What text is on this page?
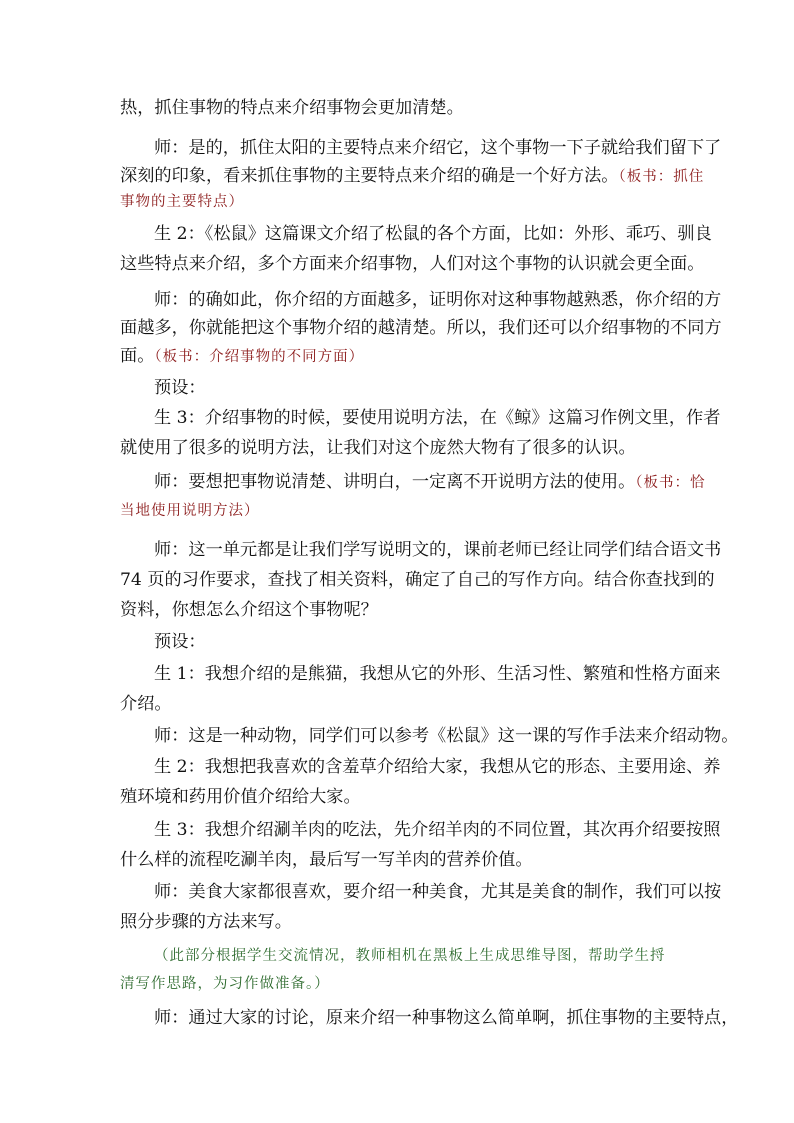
热，抓住事物的特点来介绍事物会更加清楚。
师：是的，抓住太阳的主要特点来介绍它，这个事物一下子就给我们留下了
深刻的印象，看来抓住事物的主要特点来介绍的确是一个好方法。（板书：抓住
事物的主要特点）
生 2：《松鼠》这篇课文介绍了松鼠的各个方面，比如：外形、乖巧、驯良
这些特点来介绍，多个方面来介绍事物，人们对这个事物的认识就会更全面。
师：的确如此，你介绍的方面越多，证明你对这种事物越熟悉，你介绍的方
面越多，你就能把这个事物介绍的越清楚。所以，我们还可以介绍事物的不同方
面。（板书：介绍事物的不同方面）
预设：
生 3：介绍事物的时候，要使用说明方法，在《鲸》这篇习作例文里，作者
就使用了很多的说明方法，让我们对这个庞然大物有了很多的认识。
师：要想把事物说清楚、讲明白，一定离不开说明方法的使用。（板书：恰
当地使用说明方法）
师：这一单元都是让我们学写说明文的，课前老师已经让同学们结合语文书
74 页的习作要求，查找了相关资料，确定了自己的写作方向。结合你查找到的
资料，你想怎么介绍这个事物呢？
预设：
生 1：我想介绍的是熊猫，我想从它的外形、生活习性、繁殖和性格方面来
介绍。
师：这是一种动物，同学们可以参考《松鼠》这一课的写作手法来介绍动物。
生 2：我想把我喜欢的含羞草介绍给大家，我想从它的形态、主要用途、养
殖环境和药用价值介绍给大家。
生 3：我想介绍涮羊肉的吃法，先介绍羊肉的不同位置，其次再介绍要按照
什么样的流程吃涮羊肉，最后写一写羊肉的营养价值。
师：美食大家都很喜欢，要介绍一种美食，尤其是美食的制作，我们可以按
照分步骤的方法来写。
（此部分根据学生交流情况，教师相机在黑板上生成思维导图，帮助学生捋
清写作思路，为习作做准备。）
师：通过大家的讨论，原来介绍一种事物这么简单啊，抓住事物的主要特点，
